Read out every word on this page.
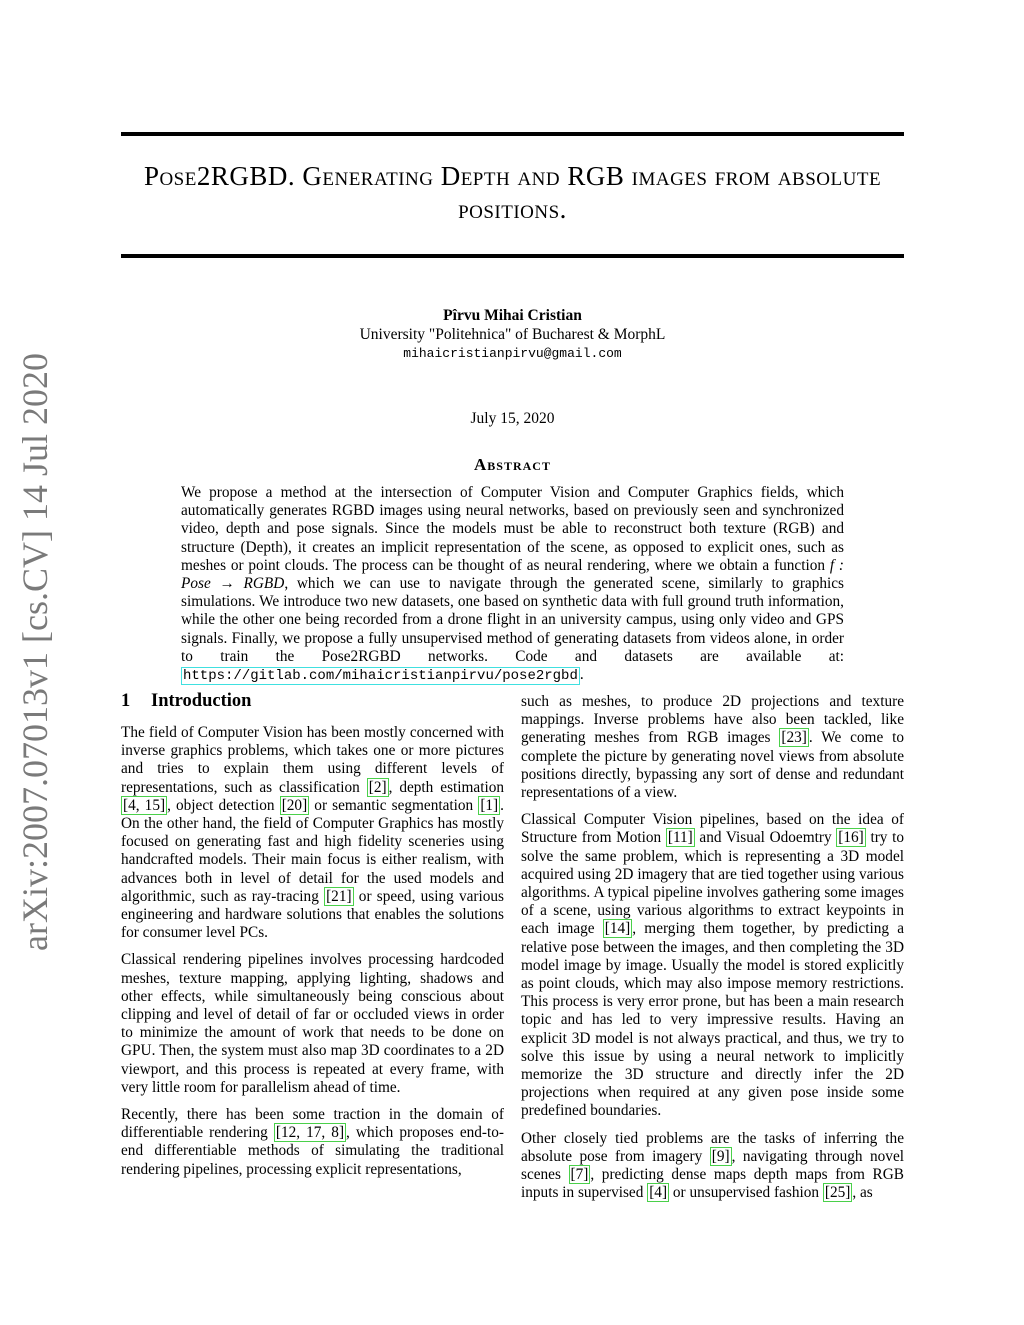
arXiv:2007.07013v1 [cs.CV] 14 Jul 2020
Pose2RGBD. Generating Depth and RGB images from absolute positions.
Pîrvu Mihai Cristian
University "Politehnica" of Bucharest & MorphL
mihaicristianpirvu@gmail.com
July 15, 2020
Abstract
We propose a method at the intersection of Computer Vision and Computer Graphics fields, which automatically generates RGBD images using neural networks, based on previously seen and synchronized video, depth and pose signals. Since the models must be able to reconstruct both texture (RGB) and structure (Depth), it creates an implicit representation of the scene, as opposed to explicit ones, such as meshes or point clouds. The process can be thought of as neural rendering, where we obtain a function f : Pose → RGBD, which we can use to navigate through the generated scene, similarly to graphics simulations. We introduce two new datasets, one based on synthetic data with full ground truth information, while the other one being recorded from a drone flight in an university campus, using only video and GPS signals. Finally, we propose a fully unsupervised method of generating datasets from videos alone, in order to train the Pose2RGBD networks. Code and datasets are available at: https://gitlab.com/mihaicristianpirvu/pose2rgbd .
1 Introduction

The field of Computer Vision has been mostly concerned with inverse graphics problems, which takes one or more pictures and tries to explain them using different levels of representations, such as classification [2] , depth estimation [4, 15] , object detection [20] or semantic segmentation [1] . On the other hand, the field of Computer Graphics has mostly focused on generating fast and high fidelity sceneries using handcrafted models. Their main focus is either realism, with advances both in level of detail for the used models and algorithmic, such as ray-tracing [21] or speed, using various engineering and hardware solutions that enables the solutions for consumer level PCs.

Classical rendering pipelines involves processing hardcoded meshes, texture mapping, applying lighting, shadows and other effects, while simultaneously being conscious about clipping and level of detail of far or occluded views in order to minimize the amount of work that needs to be done on GPU. Then, the system must also map 3D coordinates to a 2D viewport, and this process is repeated at every frame, with very little room for parallelism ahead of time.

Recently, there has been some traction in the domain of differentiable rendering [12, 17, 8] , which proposes end-to-end differentiable methods of simulating the traditional rendering pipelines, processing explicit representations,

such as meshes, to produce 2D projections and texture mappings. Inverse problems have also been tackled, like generating meshes from RGB images [23] . We come to complete the picture by generating novel views from absolute positions directly, bypassing any sort of dense and redundant representations of a view.

Classical Computer Vision pipelines, based on the idea of Structure from Motion [11] and Visual Odoemtry [16] try to solve the same problem, which is representing a 3D model acquired using 2D imagery that are tied together using various algorithms. A typical pipeline involves gathering some images of a scene, using various algorithms to extract keypoints in each image [14] , merging them together, by predicting a relative pose between the images, and then completing the 3D model image by image. Usually the model is stored explicitly as point clouds, which may also impose memory restrictions. This process is very error prone, but has been a main research topic and has led to very impressive results. Having an explicit 3D model is not always practical, and thus, we try to solve this issue by using a neural network to implicitly memorize the 3D structure and directly infer the 2D projections when required at any given pose inside some predefined boundaries.

Other closely tied problems are the tasks of inferring the absolute pose from imagery [9] , navigating through novel scenes [7] , predicting dense maps depth maps from RGB inputs in supervised [4] or unsupervised fashion [25] , as
